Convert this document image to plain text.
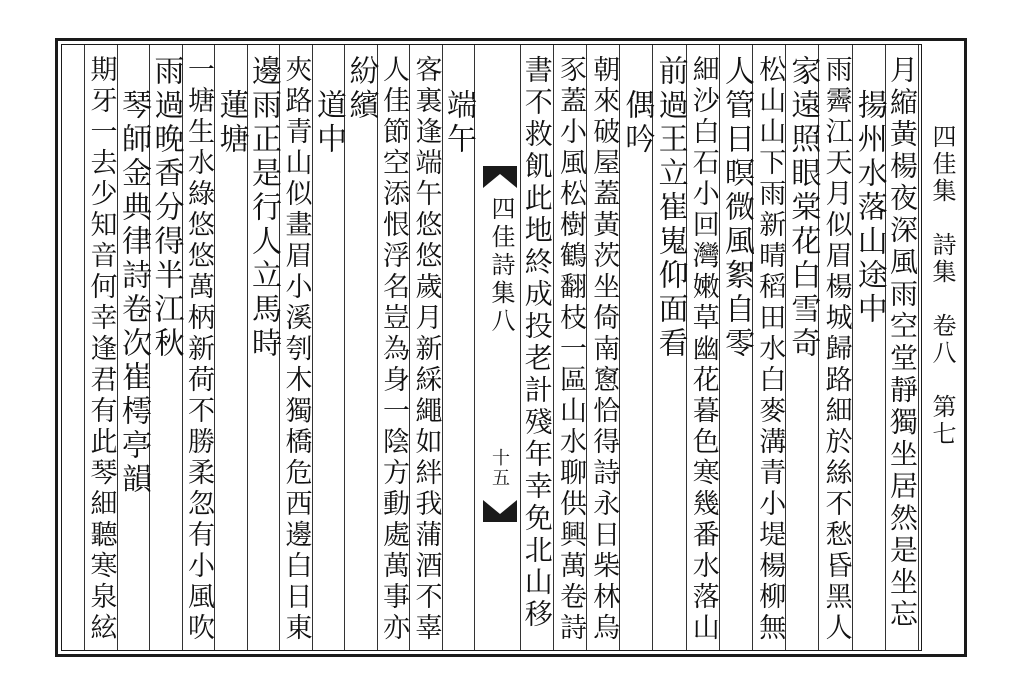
四佳集　詩集　卷八　第七
月縮黃楊夜深風雨空堂靜獨坐居然是坐忘
　揚州水落山途中
雨霽江天月似眉楊城歸路細於絲不愁昏黑人
家遠照眼棠花白雪奇
松山山下雨新晴稻田水白麥溝青小堤楊柳無
人管日暝微風絮自零
細沙白石小回灣嫩草幽花暮色寒幾番水落山
前過王立崔嵬仰面看
　偶吟
朝來破屋蓋黃茨坐倚南窻恰得詩永日柴林烏
豕蓋小風松樹鶴翻枝一區山水聊供興萬卷詩
書不救飢此地終成投老計殘年幸免北山移
　端午
客裏逢端午悠悠歲月新綵繩如絆我蒲酒不辜
人佳節空添恨浮名豈為身一陰方動處萬事亦
紛繽
　道中
夾路青山似畫眉小溪刳木獨橋危西邊白日東
邊雨正是行人立馬時
　蓮塘
一塘生水綠悠悠萬柄新荷不勝柔忽有小風吹
雨過晚香分得半江秋
　琴師金典律詩卷次崔樗亭韻
期牙一去少知音何幸逢君有此琴細聽寒泉絃	四佳詩集八
十五
